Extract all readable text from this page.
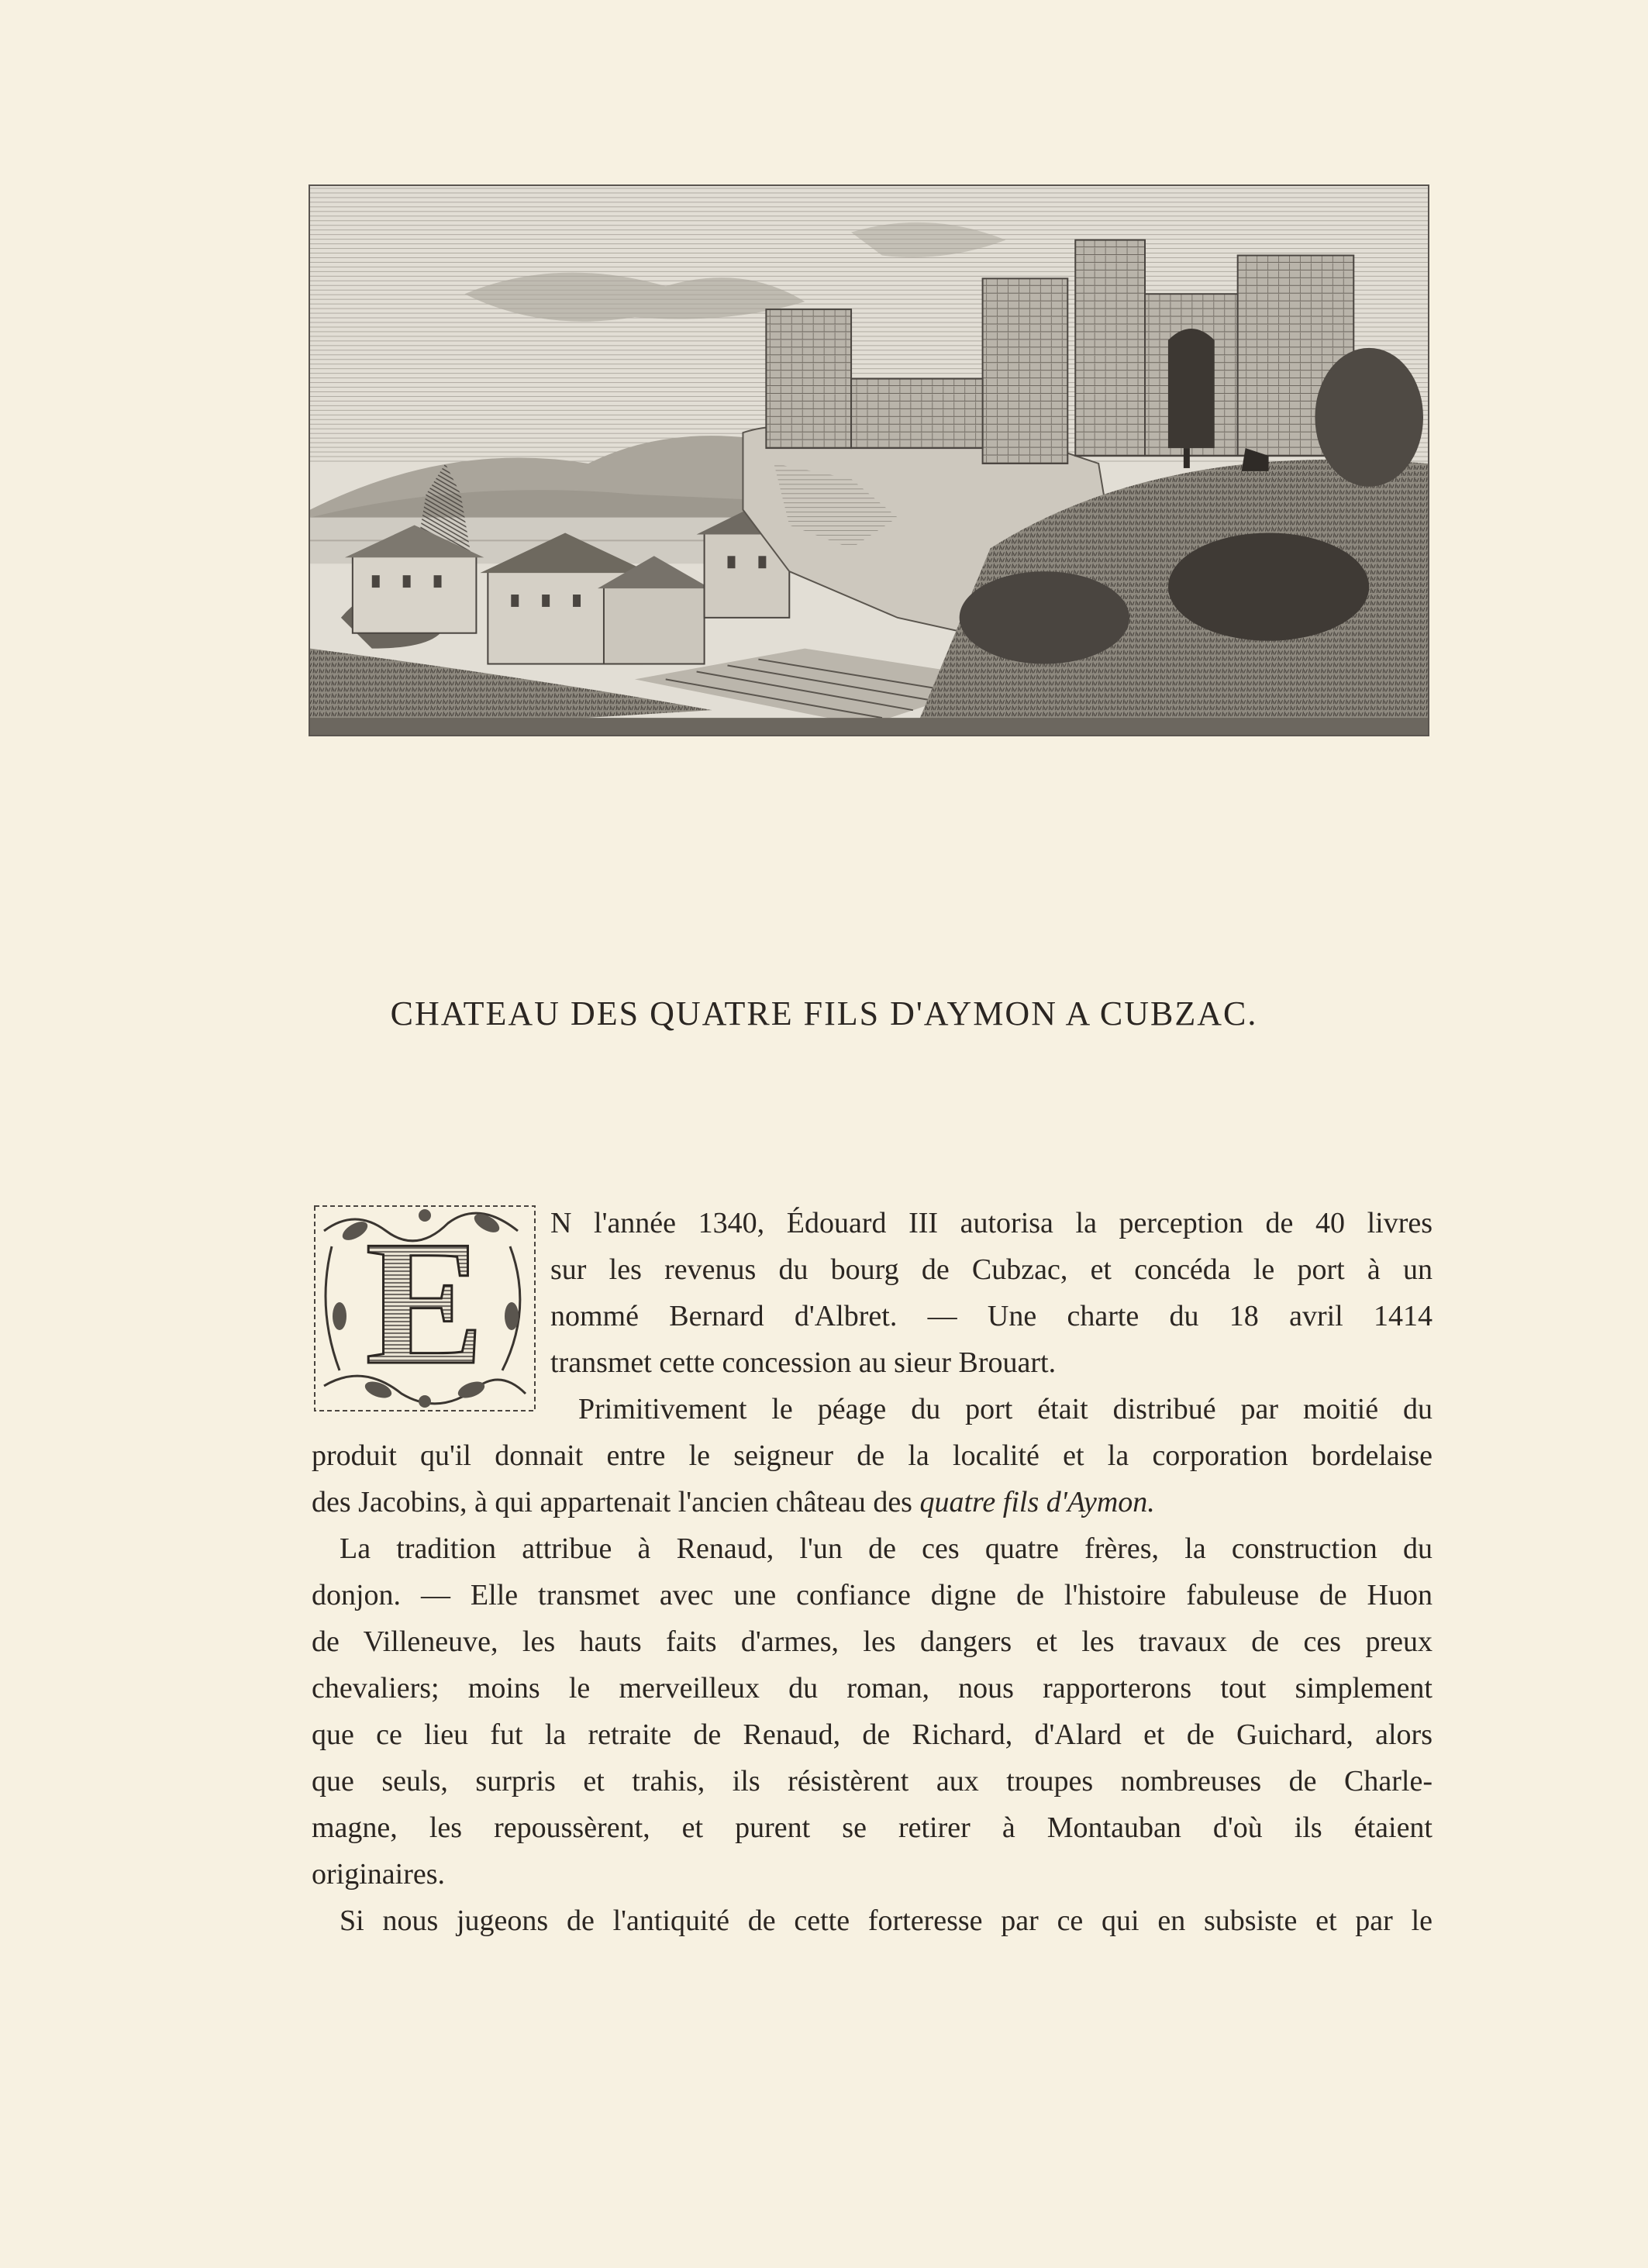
CHATEAU DES QUATRE FILS D'AYMON A CUBZAC.
E	N l'année 1340, Édouard III autorisa la perception de 40 livres
sur les revenus du bourg de Cubzac, et concéda le port à un
nommé Bernard d'Albret. — Une charte du 18 avril 1414
transmet cette concession au sieur Brouart.
Primitivement le péage du port était distribué par moitié du
produit qu'il donnait entre le seigneur de la localité et la corporation bordelaise
des Jacobins, à qui appartenait l'ancien château des quatre fils d'Aymon.
La tradition attribue à Renaud, l'un de ces quatre frères, la construction du
donjon. — Elle transmet avec une confiance digne de l'histoire fabuleuse de Huon
de Villeneuve, les hauts faits d'armes, les dangers et les travaux de ces preux
chevaliers; moins le merveilleux du roman, nous rapporterons tout simplement
que ce lieu fut la retraite de Renaud, de Richard, d'Alard et de Guichard, alors
que seuls, surpris et trahis, ils résistèrent aux troupes nombreuses de Charle-
magne, les repoussèrent, et purent se retirer à Montauban d'où ils étaient
originaires.
Si nous jugeons de l'antiquité de cette forteresse par ce qui en subsiste et par le
